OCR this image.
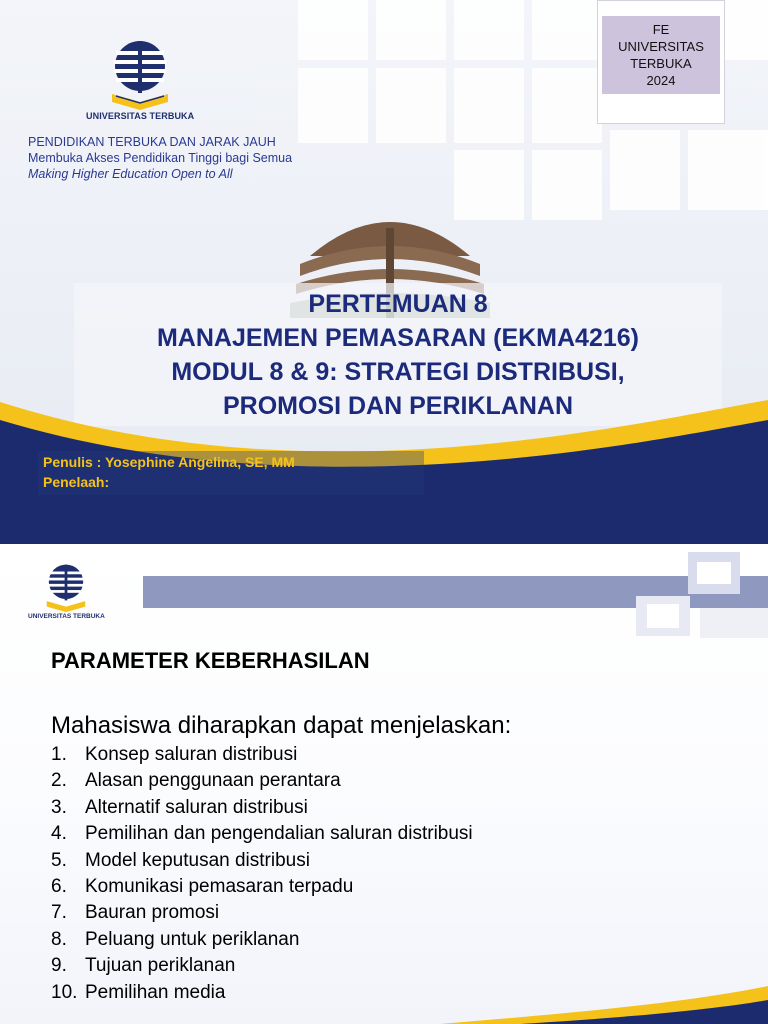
UNIVERSITAS TERBUKA
PENDIDIKAN TERBUKA DAN JARAK JAUH
Membuka Akses Pendidikan Tinggi bagi Semua
Making Higher Education Open to All
FE
UNIVERSITAS
TERBUKA
2024
PERTEMUAN 8
MANAJEMEN PEMASARAN (EKMA4216)
MODUL 8 & 9: STRATEGI DISTRIBUSI,
PROMOSI DAN PERIKLANAN
Penulis : Yosephine Angelina, SE, MM
Penelaah:
UNIVERSITAS TERBUKA
PARAMETER KEBERHASILAN
Mahasiswa diharapkan dapat menjelaskan:
1. Konsep saluran distribusi
2. Alasan penggunaan perantara
3. Alternatif saluran distribusi
4. Pemilihan dan pengendalian saluran distribusi
5. Model keputusan distribusi
6. Komunikasi pemasaran terpadu
7. Bauran promosi
8. Peluang untuk periklanan
9. Tujuan periklanan
10. Pemilihan media
